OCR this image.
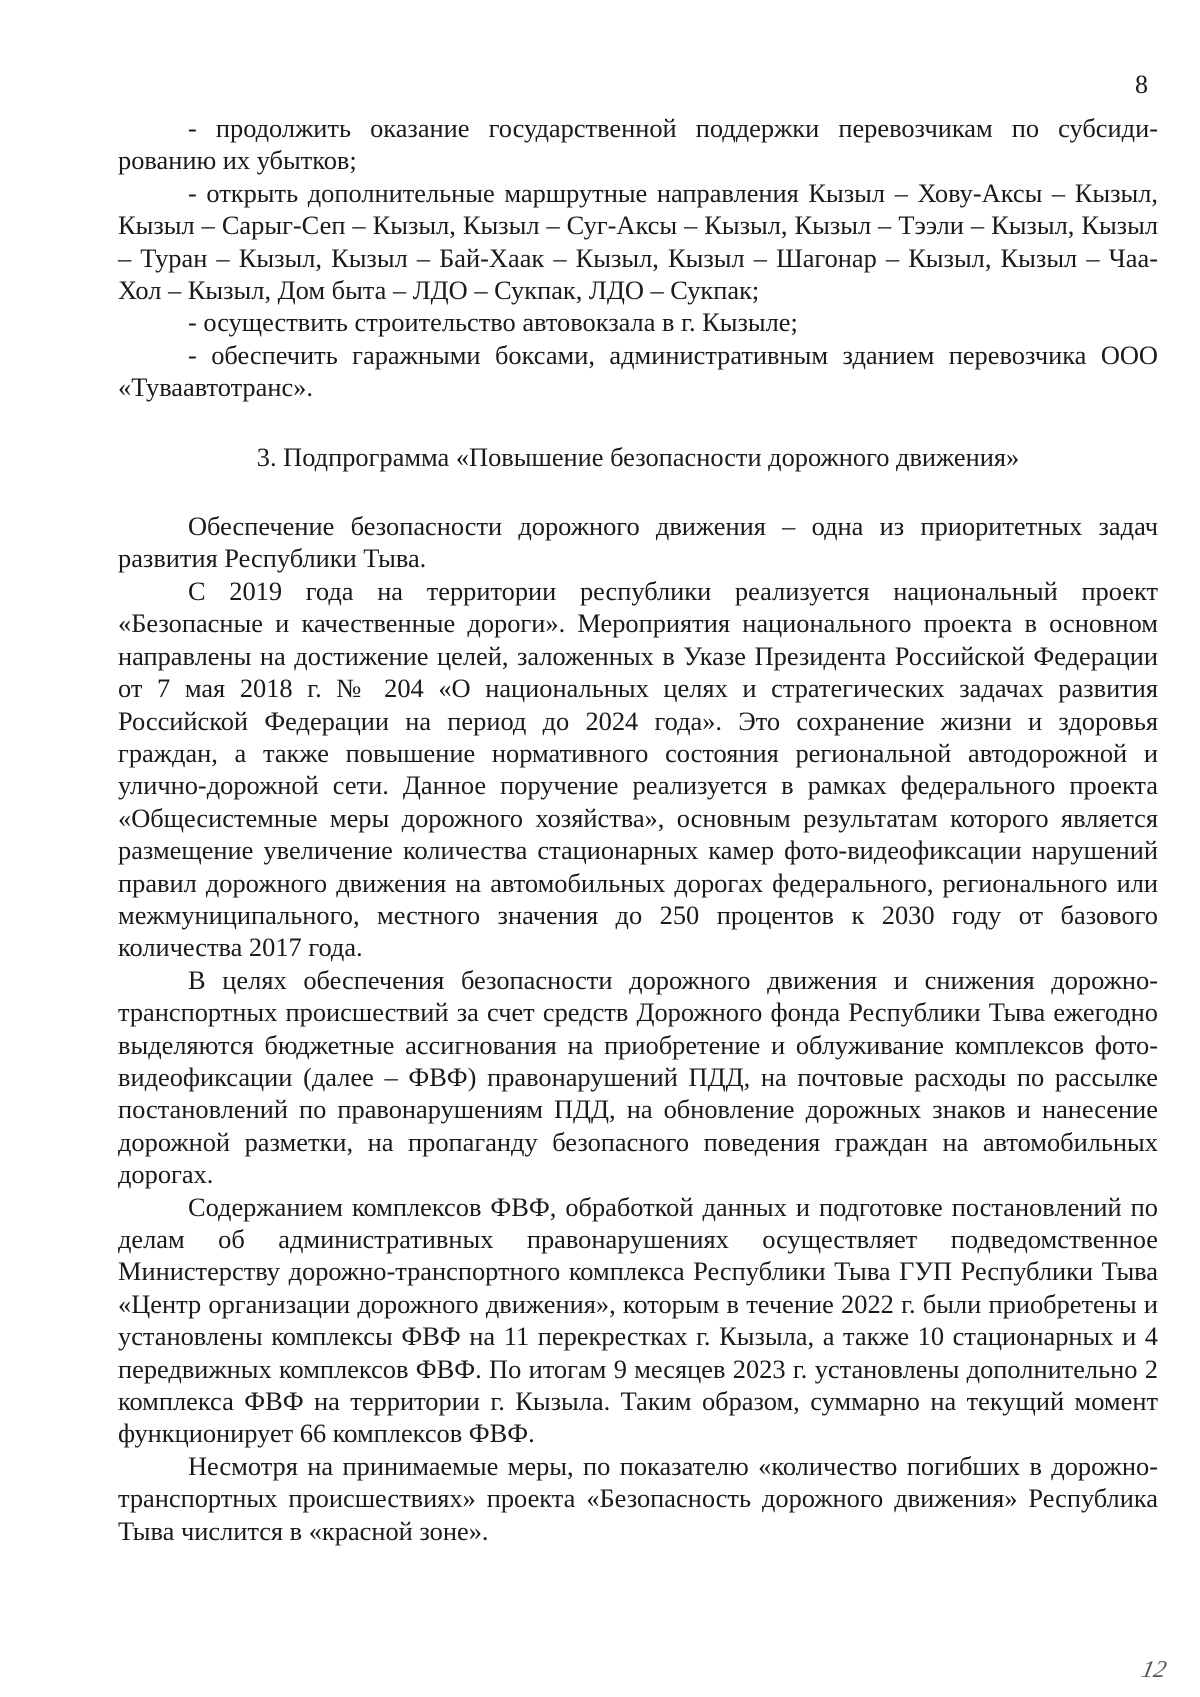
8

- продолжить оказание государственной поддержки перевозчикам по субсидированию их убытков;

- открыть дополнительные маршрутные направления Кызыл – Хову-Аксы – Кызыл, Кызыл – Сарыг-Сеп – Кызыл, Кызыл – Суг-Аксы – Кызыл, Кызыл – Тээли – Кызыл, Кызыл – Туран – Кызыл, Кызыл – Бай-Хаак – Кызыл, Кызыл – Шагонар – Кызыл, Кызыл – Чаа-Хол – Кызыл, Дом быта – ЛДО – Сукпак, ЛДО – Сукпак;

- осуществить строительство автовокзала в г. Кызыле;

- обеспечить гаражными боксами, административным зданием перевозчика ООО «Туваавтотранс».

3. Подпрограмма «Повышение безопасности дорожного движения»

Обеспечение безопасности дорожного движения – одна из приоритетных задач развития Республики Тыва.

С 2019 года на территории республики реализуется национальный проект «Безопасные и качественные дороги». Мероприятия национального проекта в основном направлены на достижение целей, заложенных в Указе Президента Российской Федерации от 7 мая 2018 г. № 204 «О национальных целях и стратегических задачах развития Российской Федерации на период до 2024 года». Это сохранение жизни и здоровья граждан, а также повышение нормативного состояния региональной автодорожной и улично-дорожной сети. Данное поручение реализуется в рамках федерального проекта «Общесистемные меры дорожного хозяйства», основным результатам которого является размещение увеличение количества стационарных камер фото-видеофиксации нарушений правил дорожного движения на автомобильных дорогах федерального, регионального или межмуниципального, местного значения до 250 процентов к 2030 году от базового количества 2017 года.

В целях обеспечения безопасности дорожного движения и снижения дорожно-транспортных происшествий за счет средств Дорожного фонда Республики Тыва ежегодно выделяются бюджетные ассигнования на приобретение и облуживание комплексов фото-видеофиксации (далее – ФВФ) правонарушений ПДД, на почтовые расходы по рассылке постановлений по правонарушениям ПДД, на обновление дорожных знаков и нанесение дорожной разметки, на пропаганду безопасного поведения граждан на автомобильных дорогах.

Содержанием комплексов ФВФ, обработкой данных и подготовке постановлений по делам об административных правонарушениях осуществляет подведомственное Министерству дорожно-транспортного комплекса Республики Тыва ГУП Республики Тыва «Центр организации дорожного движения», которым в течение 2022 г. были приобретены и установлены комплексы ФВФ на 11 перекрестках г. Кызыла, а также 10 стационарных и 4 передвижных комплексов ФВФ. По итогам 9 месяцев 2023 г. установлены дополнительно 2 комплекса ФВФ на территории г. Кызыла. Таким образом, суммарно на текущий момент функционирует 66 комплексов ФВФ.

Несмотря на принимаемые меры, по показателю «количество погибших в дорожно-транспортных происшествиях» проекта «Безопасность дорожного движения» Республика Тыва числится в «красной зоне».

12
